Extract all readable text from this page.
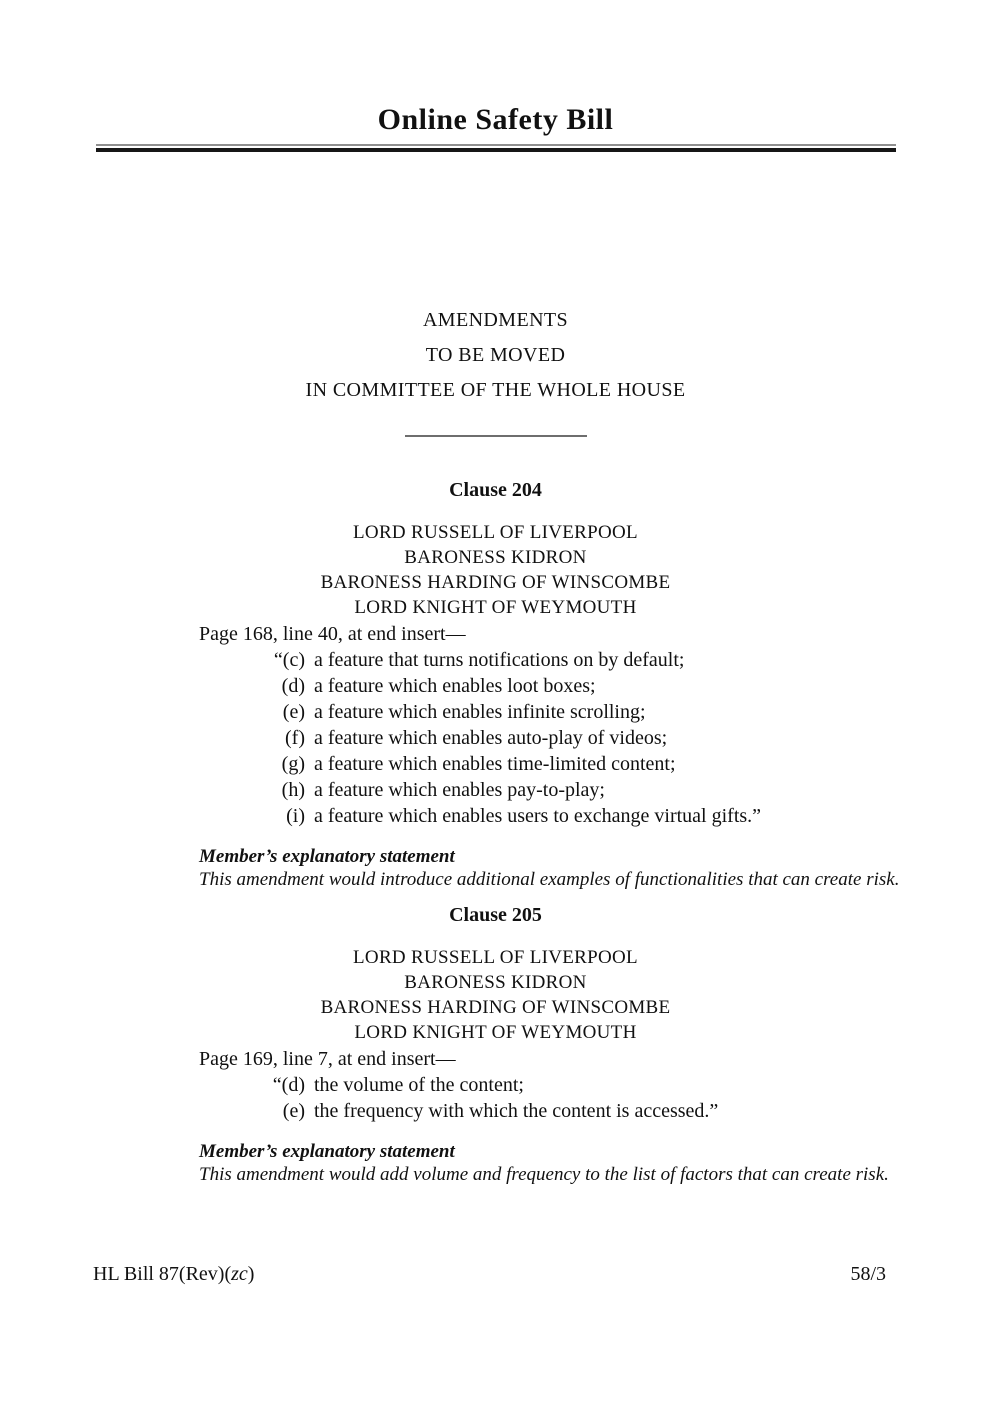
Online Safety Bill
AMENDMENTS
TO BE MOVED
IN COMMITTEE OF THE WHOLE HOUSE
Clause 204
LORD RUSSELL OF LIVERPOOL
BARONESS KIDRON
BARONESS HARDING OF WINSCOMBE
LORD KNIGHT OF WEYMOUTH

Page 168, line 40, at end insert—

“(c) a feature that turns notifications on by default;
(d) a feature which enables loot boxes;
(e) a feature which enables infinite scrolling;
(f) a feature which enables auto-play of videos;
(g) a feature which enables time-limited content;
(h) a feature which enables pay-to-play;
(i) a feature which enables users to exchange virtual gifts.”

Member’s explanatory statement

This amendment would introduce additional examples of functionalities that can create risk.

Clause 205
LORD RUSSELL OF LIVERPOOL
BARONESS KIDRON
BARONESS HARDING OF WINSCOMBE
LORD KNIGHT OF WEYMOUTH

Page 169, line 7, at end insert—

“(d) the volume of the content;
(e) the frequency with which the content is accessed.”

Member’s explanatory statement

This amendment would add volume and frequency to the list of factors that can create risk.

HL Bill 87(Rev)(zc)	58/3
